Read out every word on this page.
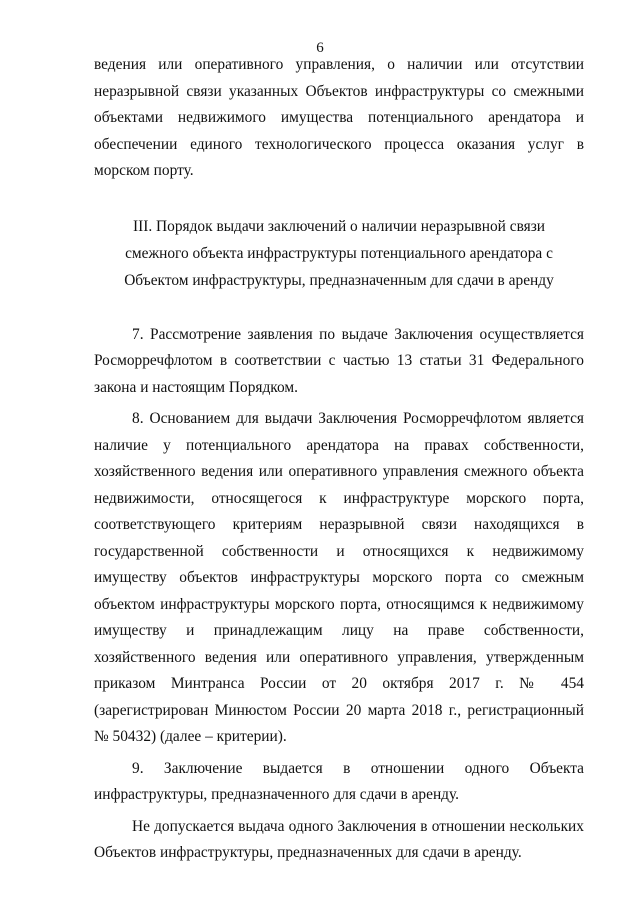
6

ведения или оперативного управления, о наличии или отсутствии неразрывной связи указанных Объектов инфраструктуры со смежными объектами недвижимого имущества потенциального арендатора и обеспечении единого технологического процесса оказания услуг в морском порту.

III. Порядок выдачи заключений о наличии неразрывной связи смежного объекта инфраструктуры потенциального арендатора с Объектом инфраструктуры, предназначенным для сдачи в аренду

7. Рассмотрение заявления по выдаче Заключения осуществляется Росморречфлотом в соответствии с частью 13 статьи 31 Федерального закона и настоящим Порядком.

8. Основанием для выдачи Заключения Росморречфлотом является наличие у потенциального арендатора на правах собственности, хозяйственного ведения или оперативного управления смежного объекта недвижимости, относящегося к инфраструктуре морского порта, соответствующего критериям неразрывной связи находящихся в государственной собственности и относящихся к недвижимому имуществу объектов инфраструктуры морского порта со смежным объектом инфраструктуры морского порта, относящимся к недвижимому имуществу и принадлежащим лицу на праве собственности, хозяйственного ведения или оперативного управления, утвержденным приказом Минтранса России от 20 октября 2017 г. № 454 (зарегистрирован Минюстом России 20 марта 2018 г., регистрационный № 50432) (далее – критерии).

9. Заключение выдается в отношении одного Объекта инфраструктуры, предназначенного для сдачи в аренду.

Не допускается выдача одного Заключения в отношении нескольких Объектов инфраструктуры, предназначенных для сдачи в аренду.
